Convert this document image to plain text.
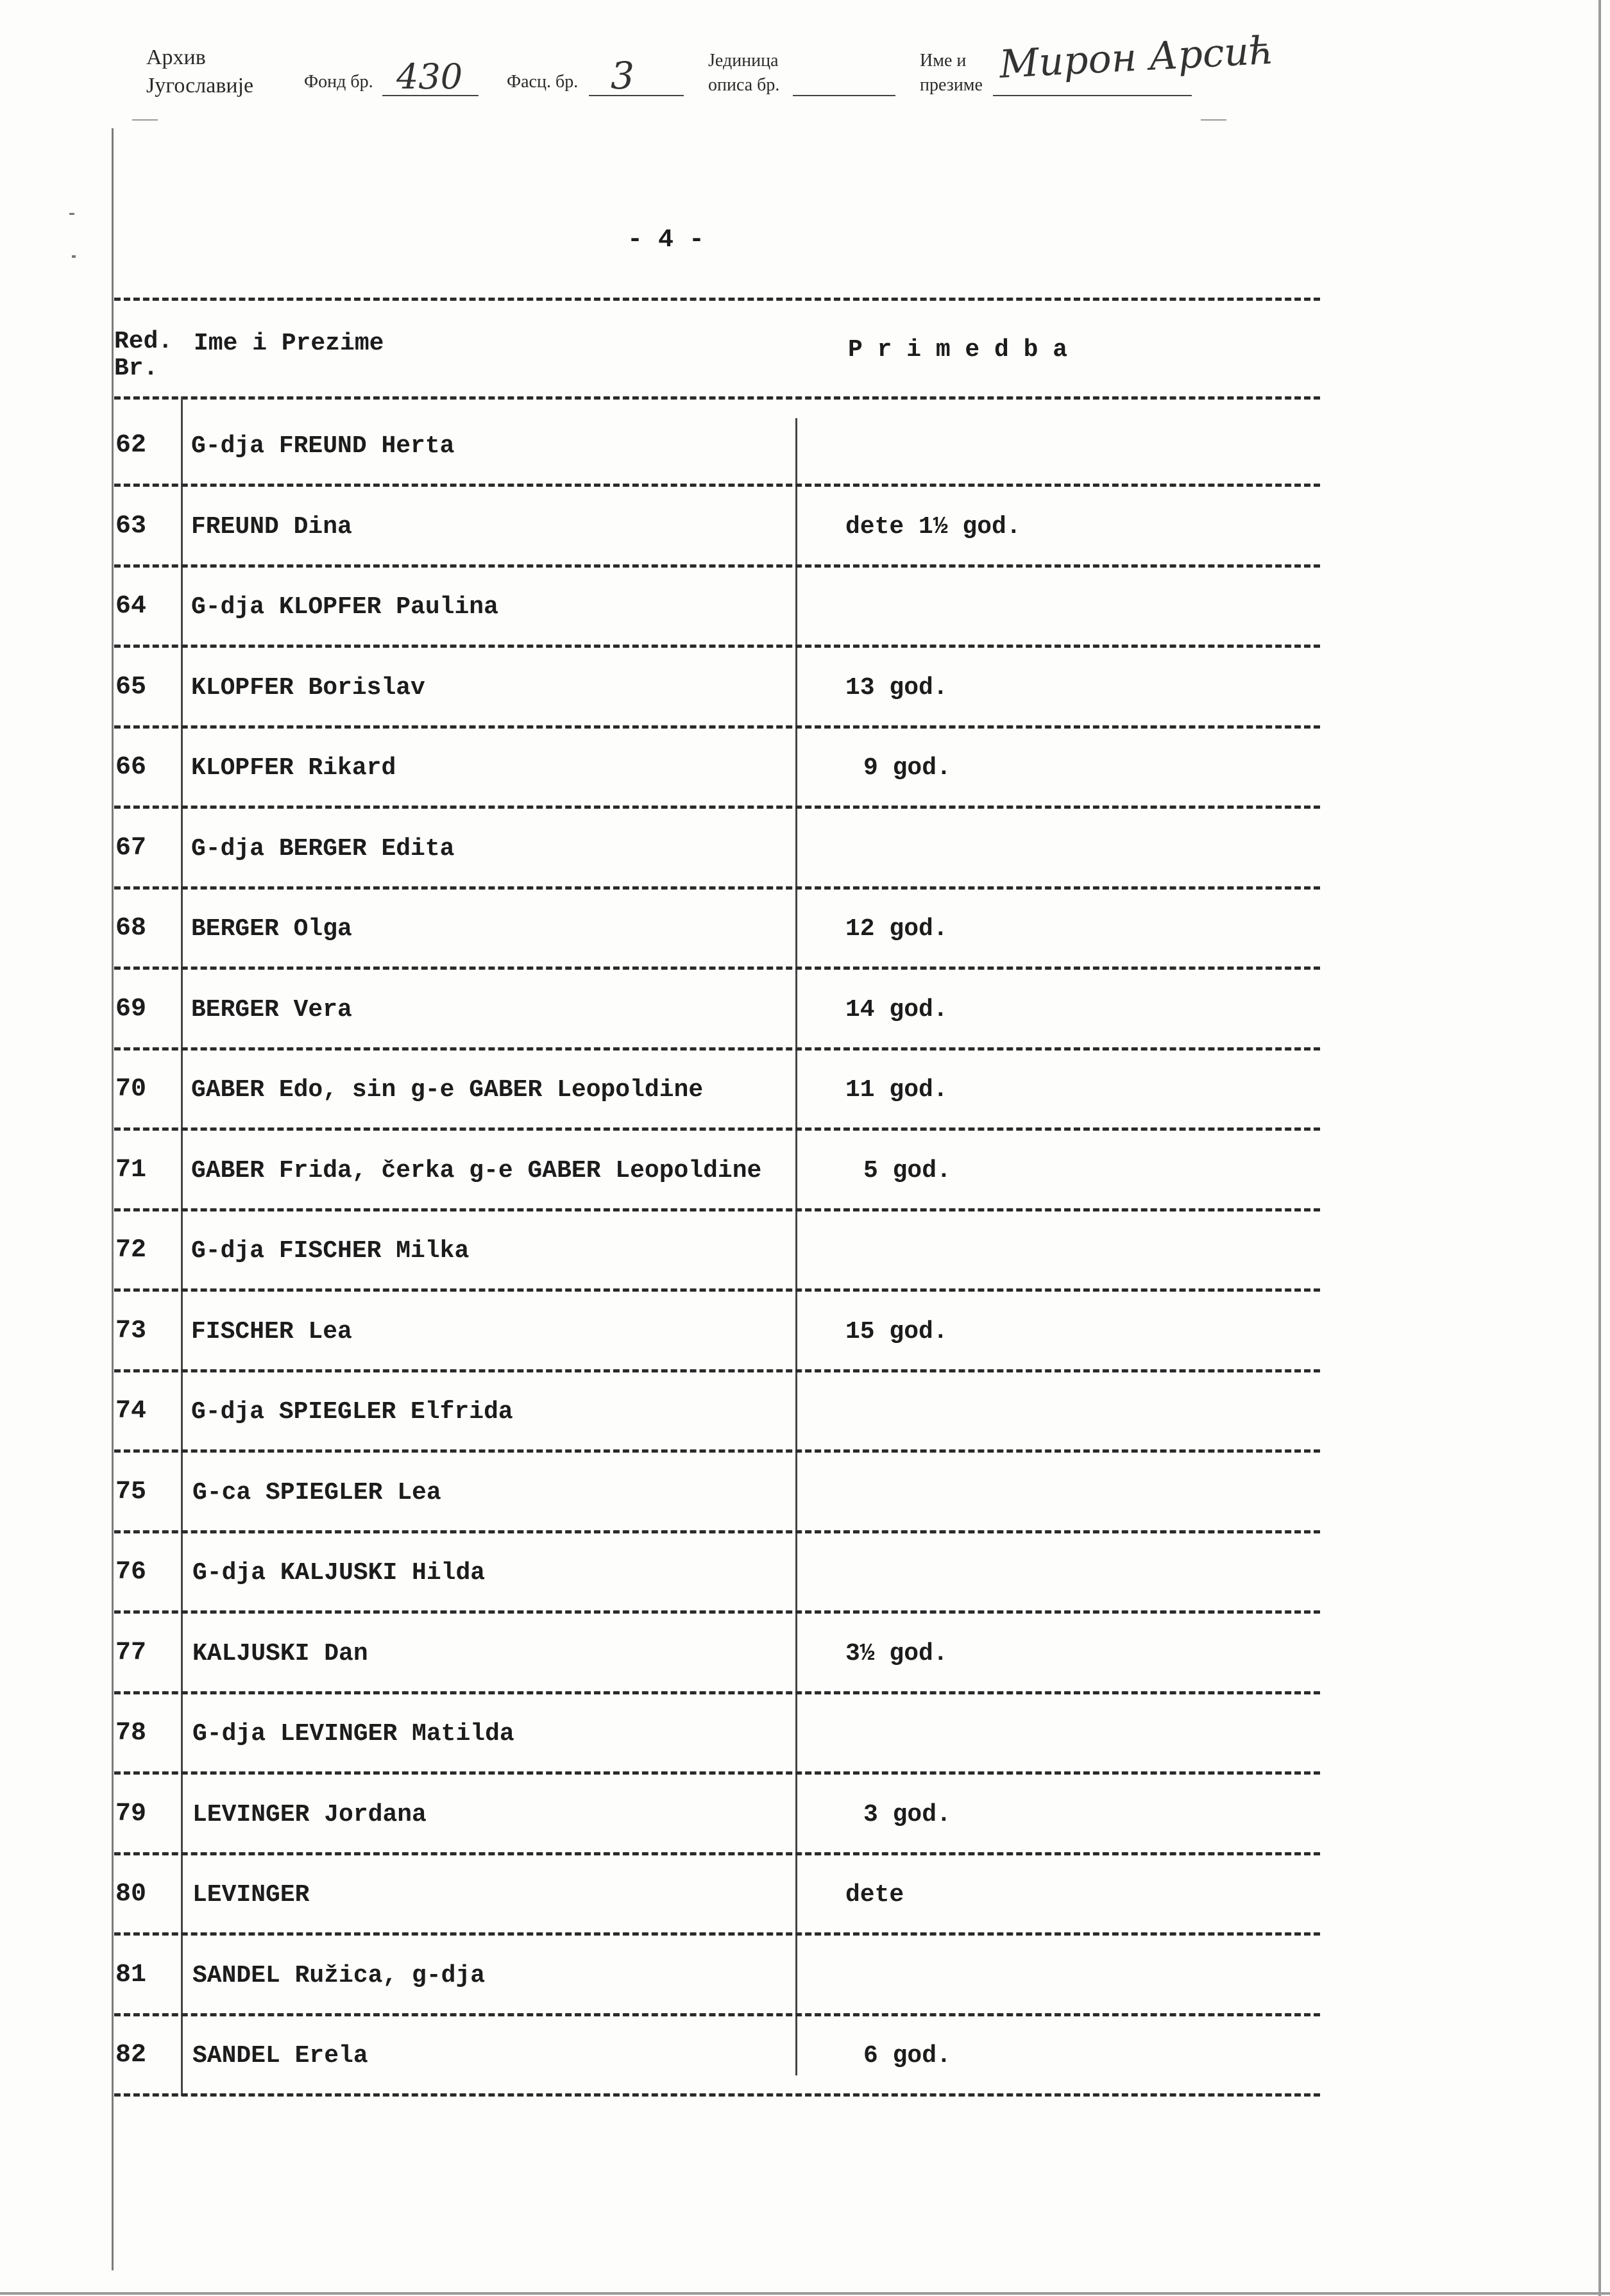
Архив
Југославије	Фонд бр. 430 Фасц. бр. 3	Јединица
описа бр.
Име и
презиме Мирон Арсић
- 4 -
Red.
Br.
Ime i Prezime	P r i m e d b a
62 G-dja FREUND Herta
63 FREUND Dina	dete 1½ god.
64 G-dja KLOPFER Paulina
65 KLOPFER Borislav	13 god.
66 KLOPFER Rikard	9 god.
67 G-dja BERGER Edita
68 BERGER Olga	12 god.
69 BERGER Vera	14 god.
70 GABER Edo, sin g-e GABER Leopoldine	11 god.
71 GABER Frida, čerka g-e GABER Leopoldine	5 god.
72 G-dja FISCHER Milka
73 FISCHER Lea	15 god.
74 G-dja SPIEGLER Elfrida
75 G-ca SPIEGLER Lea
76 G-dja KALJUSKI Hilda
77 KALJUSKI Dan	3½ god.
78 G-dja LEVINGER Matilda
79 LEVINGER Jordana	3 god.
80 LEVINGER	dete
81 SANDEL Ružica, g-dja
82 SANDEL Erela	6 god.
